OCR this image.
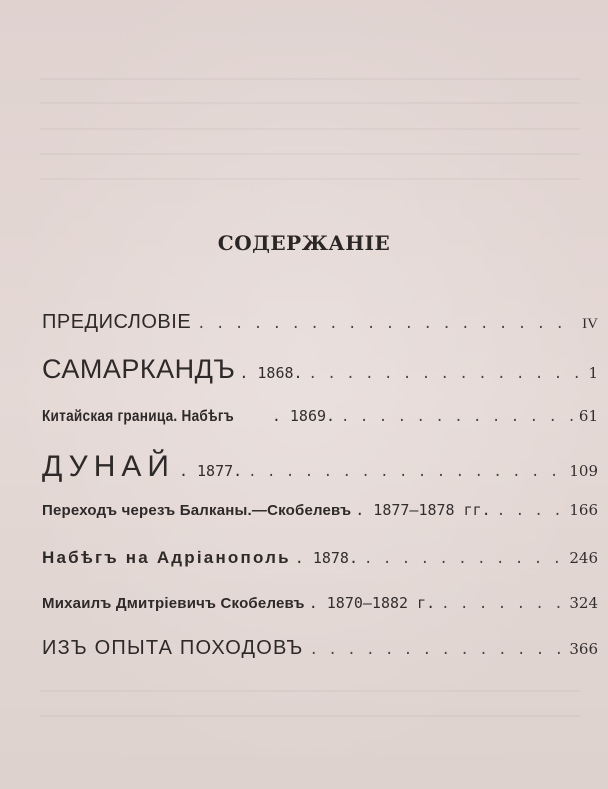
СОДЕРЖАНІЕ
ПРЕДИСЛОВІЕ . . .	IV
САМАРКАНДЪ . 1868. . . .	1
Китайская граница. Набѣгъ	. 1869. . . .	61
ДУНАЙ . 1877. . . .	109
Переходъ черезъ Балканы.—Скобелевъ . 1877—1878 гг. . . .	166
Набѣгъ на Адріанополь . 1878. . . .	246
Михаилъ Дмитріевичъ Скобелевъ . 1870—1882 г. . . .	324
ИЗЪ ОПЫТА ПОХОДОВЪ . . .	366
